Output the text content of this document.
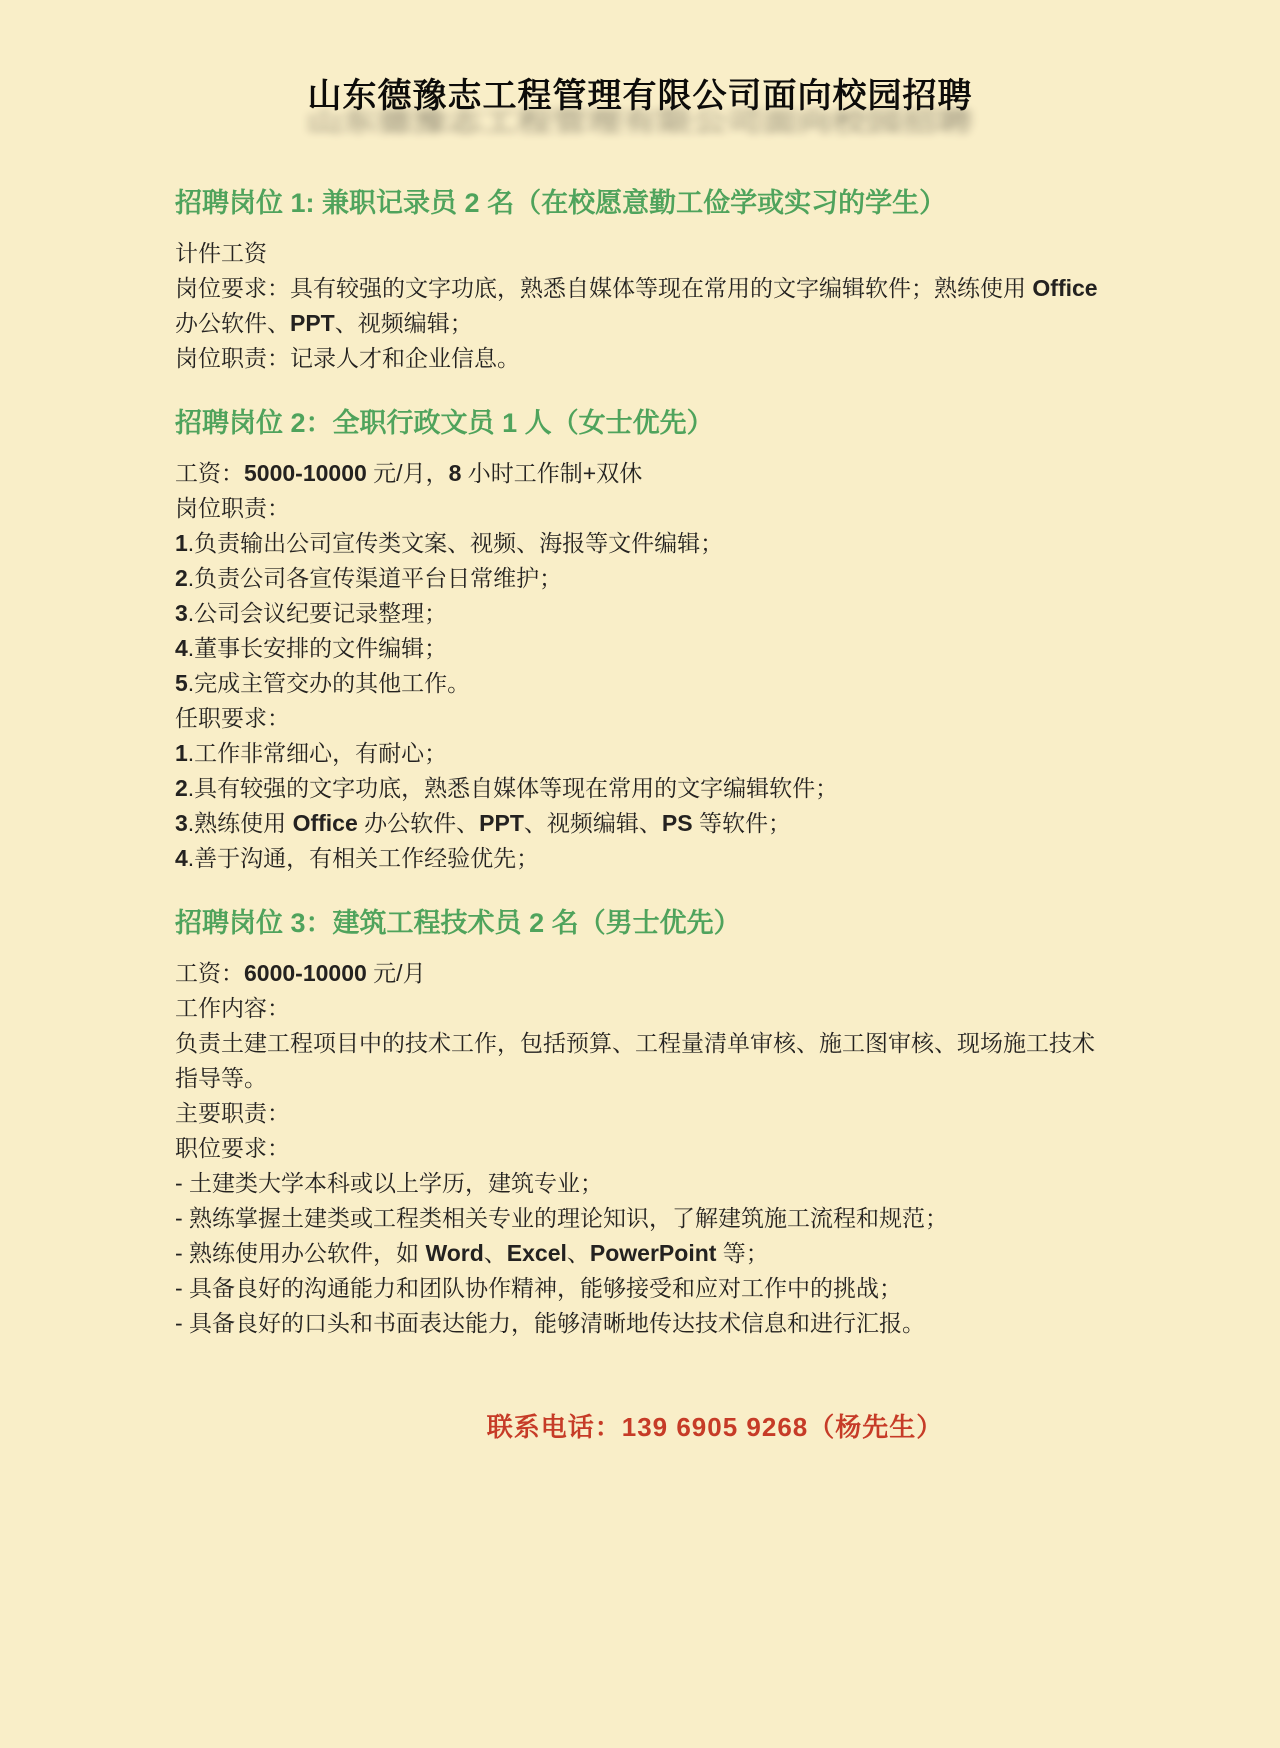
山东德豫志工程管理有限公司面向校园招聘
山东德豫志工程管理有限公司面向校园招聘
招聘岗位 1: 兼职记录员 2 名（在校愿意勤工俭学或实习的学生）

计件工资

岗位要求：具有较强的文字功底，熟悉自媒体等现在常用的文字编辑软件；熟练使用 Office 办公软件、PPT、视频编辑；

岗位职责：记录人才和企业信息。

招聘岗位 2：全职行政文员 1 人（女士优先）

工资：5000-10000 元/月，8 小时工作制+双休

岗位职责：

1.负责输出公司宣传类文案、视频、海报等文件编辑；

2.负责公司各宣传渠道平台日常维护；

3.公司会议纪要记录整理；

4.董事长安排的文件编辑；

5.完成主管交办的其他工作。

任职要求：

1.工作非常细心，有耐心；

2.具有较强的文字功底，熟悉自媒体等现在常用的文字编辑软件；

3.熟练使用 Office 办公软件、PPT、视频编辑、PS 等软件；

4.善于沟通，有相关工作经验优先；

招聘岗位 3：建筑工程技术员 2 名（男士优先）

工资：6000-10000 元/月

工作内容：

负责土建工程项目中的技术工作，包括预算、工程量清单审核、施工图审核、现场施工技术指导等。

主要职责：

职位要求：

- 土建类大学本科或以上学历，建筑专业；

- 熟练掌握土建类或工程类相关专业的理论知识，了解建筑施工流程和规范；

- 熟练使用办公软件，如 Word、Excel、PowerPoint 等；

- 具备良好的沟通能力和团队协作精神，能够接受和应对工作中的挑战；

- 具备良好的口头和书面表达能力，能够清晰地传达技术信息和进行汇报。

联系电话：139 6905 9268（杨先生）
